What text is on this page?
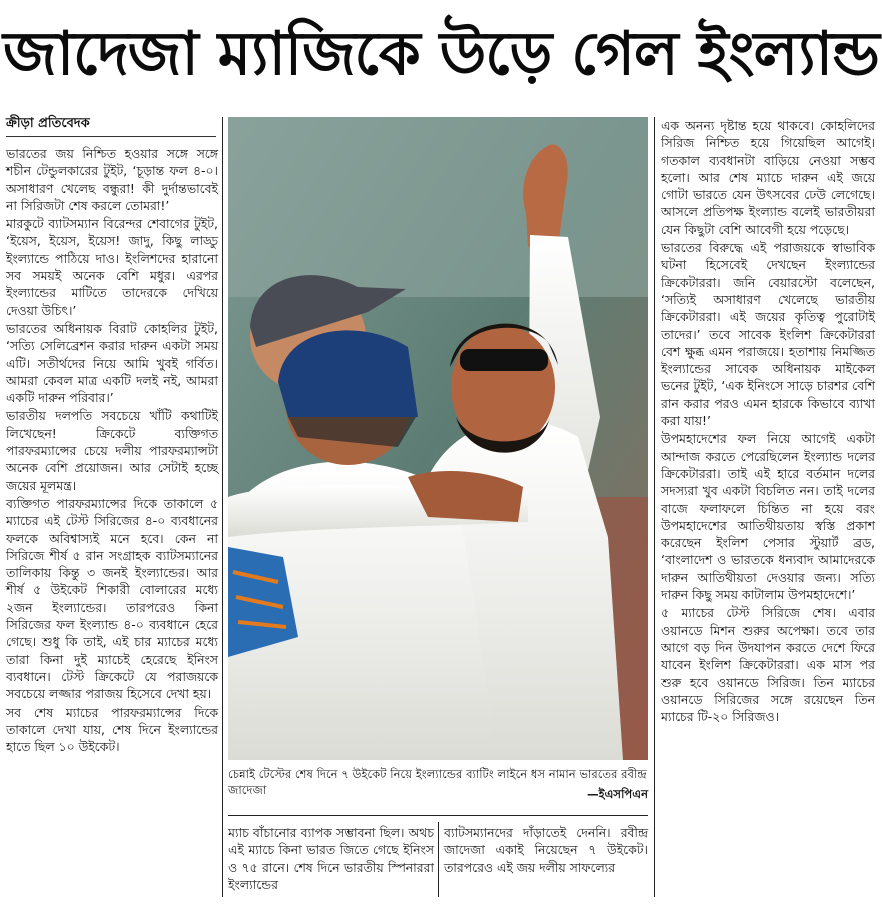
জাদেজা ম্যাজিকে উড়ে গেল ইংল্যান্ড
ক্রীড়া প্রতিবেদক

ভারতের জয় নিশ্চিত হওয়ার সঙ্গে সঙ্গে শচীন টেন্ডুলকারের টুইট, ‘চূড়ান্ত ফল ৪-০। অসাধারণ খেলেছ বন্ধুরা! কী দুর্দান্তভাবেই না সিরিজটা শেষ করলে তোমরা!’

মারকুটে ব্যাটসম্যান বিরেন্দর শেবাগের টুইট, ‘ইয়েস, ইয়েস, ইয়েস! জাদু, কিছু লাড্ডু ইংল্যান্ডে পাঠিয়ে দাও। ইংলিশদের হারানো সব সময়ই অনেক বেশি মধুর। এরপর ইংল্যান্ডের মাটিতে তাদেরকে দেখিয়ে দেওয়া উচিৎ।’

ভারতের অধিনায়ক বিরাট কোহলির টুইট, ‘সত্যি সেলিব্রেশন করার দারুন একটা সময় এটি। সতীর্থদের নিয়ে আমি খুবই গর্বিত। আমরা কেবল মাত্র একটি দলই নই, আমরা একটি দারুন পরিবার।’

ভারতীয় দলপতি সবচেয়ে খাঁটি কথাটিই লিখেছেন! ক্রিকেটে ব্যক্তিগত পারফরম্যান্সের চেয়ে দলীয় পারফরম্যান্সটা অনেক বেশি প্রয়োজন। আর সেটাই হচ্ছে জয়ের মূলমন্ত্র।

ব্যক্তিগত পারফরম্যান্সের দিকে তাকালে ৫ ম্যাচের এই টেস্ট সিরিজের ৪-০ ব্যবধানের ফলকে অবিশ্বাস্যই মনে হবে। কেন না সিরিজে শীর্ষ ৫ রান সংগ্রাহক ব্যাটসম্যানের তালিকায় কিন্তু ৩ জনই ইংল্যান্ডের। আর শীর্ষ ৫ উইকেট শিকারী বোলারের মধ্যে ২জন ইংল্যান্ডের। তারপরেও কিনা সিরিজের ফল ইংল্যান্ড ৪-০ ব্যবধানে হেরে গেছে। শুধু কি তাই, এই চার ম্যাচের মধ্যে তারা কিনা দুই ম্যাচেই হেরেছে ইনিংস ব্যবধানে। টেস্ট ক্রিকেটে যে পরাজয়কে সবচেয়ে লজ্জার পরাজয় হিসেবে দেখা হয়।

সব শেষ ম্যাচের পারফরম্যান্সের দিকে তাকালে দেখা যায়, শেষ দিনে ইংল্যান্ডের হাতে ছিল ১০ উইকেট।

চেন্নাই টেস্টের শেষ দিনে ৭ উইকেট নিয়ে ইংল্যান্ডের ব্যাটিং লাইনে ধস নামান ভারতের রবীন্দ্র জাদেজা	—ইএসপিএন

ম্যাচ বাঁচানোর ব্যাপক সম্ভাবনা ছিল। অথচ এই ম্যাচে কিনা ভারত জিতে গেছে ইনিংস ও ৭৫ রানে। শেষ দিনে ভারতীয় স্পিনাররা ইংল্যান্ডের

ব্যাটসম্যানদের দাঁড়াতেই দেননি। রবীন্দ্র জাদেজা একাই নিয়েছেন ৭ উইকেট। তারপরেও এই জয় দলীয় সাফল্যের

এক অনন্য দৃষ্টান্ত হয়ে থাকবে। কোহলিদের সিরিজ নিশ্চিত হয়ে গিয়েছিল আগেই। গতকাল ব্যবধানটা বাড়িয়ে নেওয়া সম্ভব হলো। আর শেষ ম্যাচে দারুন এই জয়ে গোটা ভারতে যেন উৎসবের ঢেউ লেগেছে। আসলে প্রতিপক্ষ ইংল্যান্ড বলেই ভারতীয়রা যেন কিছুটা বেশি আবেগী হয়ে পড়েছে।

ভারতের বিরুদ্ধে এই পরাজয়কে স্বাভাবিক ঘটনা হিসেবেই দেখছেন ইংল্যান্ডের ক্রিকেটাররা। জনি বেয়ারস্টো বলেছেন, ‘সত্যিই অসাধারণ খেলেছে ভারতীয় ক্রিকেটাররা। এই জয়ের কৃতিত্ব পুরোটাই তাদের।’ তবে সাবেক ইংলিশ ক্রিকেটাররা বেশ ক্ষুব্ধ এমন পরাজয়ে। হতাশায় নিমজ্জিত ইংল্যান্ডের সাবেক অধিনায়ক মাইকেল ভনের টুইট, ‘এক ইনিংসে সাড়ে চারশর বেশি রান করার পরও এমন হারকে কিভাবে ব্যাখা করা যায়!’

উপমহাদেশের ফল নিয়ে আগেই একটা আন্দাজ করতে পেরেছিলেন ইংল্যান্ড দলের ক্রিকেটাররা। তাই এই হারে বর্তমান দলের সদস্যরা খুব একটা বিচলিত নন। তাই দলের বাজে ফলাফলে চিন্তিত না হয়ে বরং উপমহাদেশের আতিথীয়তায় স্বস্তি প্রকাশ করেছেন ইংলিশ পেসার স্টুয়ার্ট ব্রড, ‘বাংলাদেশ ও ভারতকে ধন্যবাদ আমাদেরকে দারুন আতিথীয়তা দেওয়ার জন্য। সত্যি দারুন কিছু সময় কাটালাম উপমহাদেশে।’

৫ ম্যাচের টেস্ট সিরিজে শেষ। এবার ওয়ানডে মিশন শুরুর অপেক্ষা। তবে তার আগে বড় দিন উদযাপন করতে দেশে ফিরে যাবেন ইংলিশ ক্রিকেটাররা। এক মাস পর শুরু হবে ওয়ানডে সিরিজ। তিন ম্যাচের ওয়ানডে সিরিজের সঙ্গে রয়েছেন তিন ম্যাচের টি-২০ সিরিজও।
